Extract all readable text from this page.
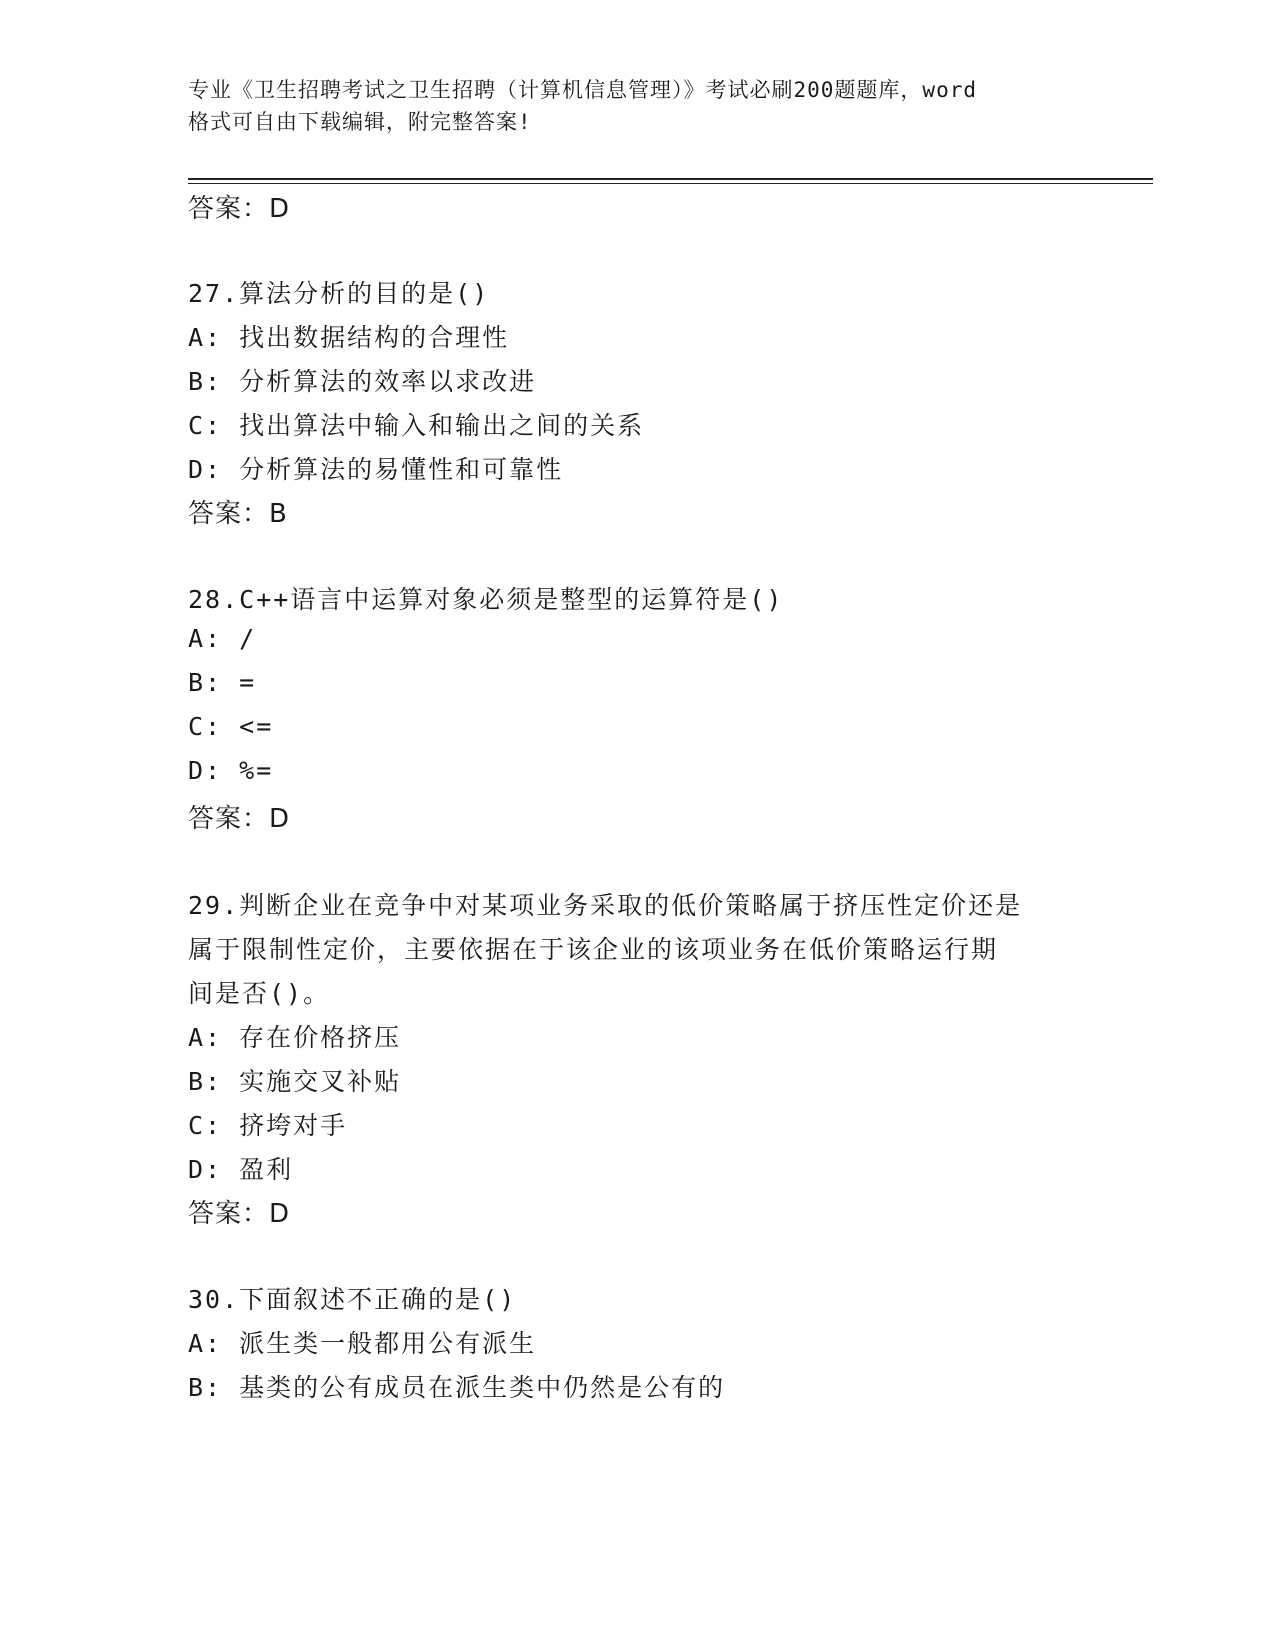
专业《卫生招聘考试之卫生招聘（计算机信息管理）》考试必刷200题题库，word
格式可自由下载编辑，附完整答案!
答案：D
27.算法分析的目的是()
A: 找出数据结构的合理性
B: 分析算法的效率以求改进
C: 找出算法中输入和输出之间的关系
D: 分析算法的易懂性和可靠性
答案：B
28.C++语言中运算对象必须是整型的运算符是()
A: /
B: =
C: <=
D: %=
答案：D
29.判断企业在竞争中对某项业务采取的低价策略属于挤压性定价还是
属于限制性定价，主要依据在于该企业的该项业务在低价策略运行期
间是否()。
A: 存在价格挤压
B: 实施交叉补贴
C: 挤垮对手
D: 盈利
答案：D
30.下面叙述不正确的是()
A: 派生类一般都用公有派生
B: 基类的公有成员在派生类中仍然是公有的
